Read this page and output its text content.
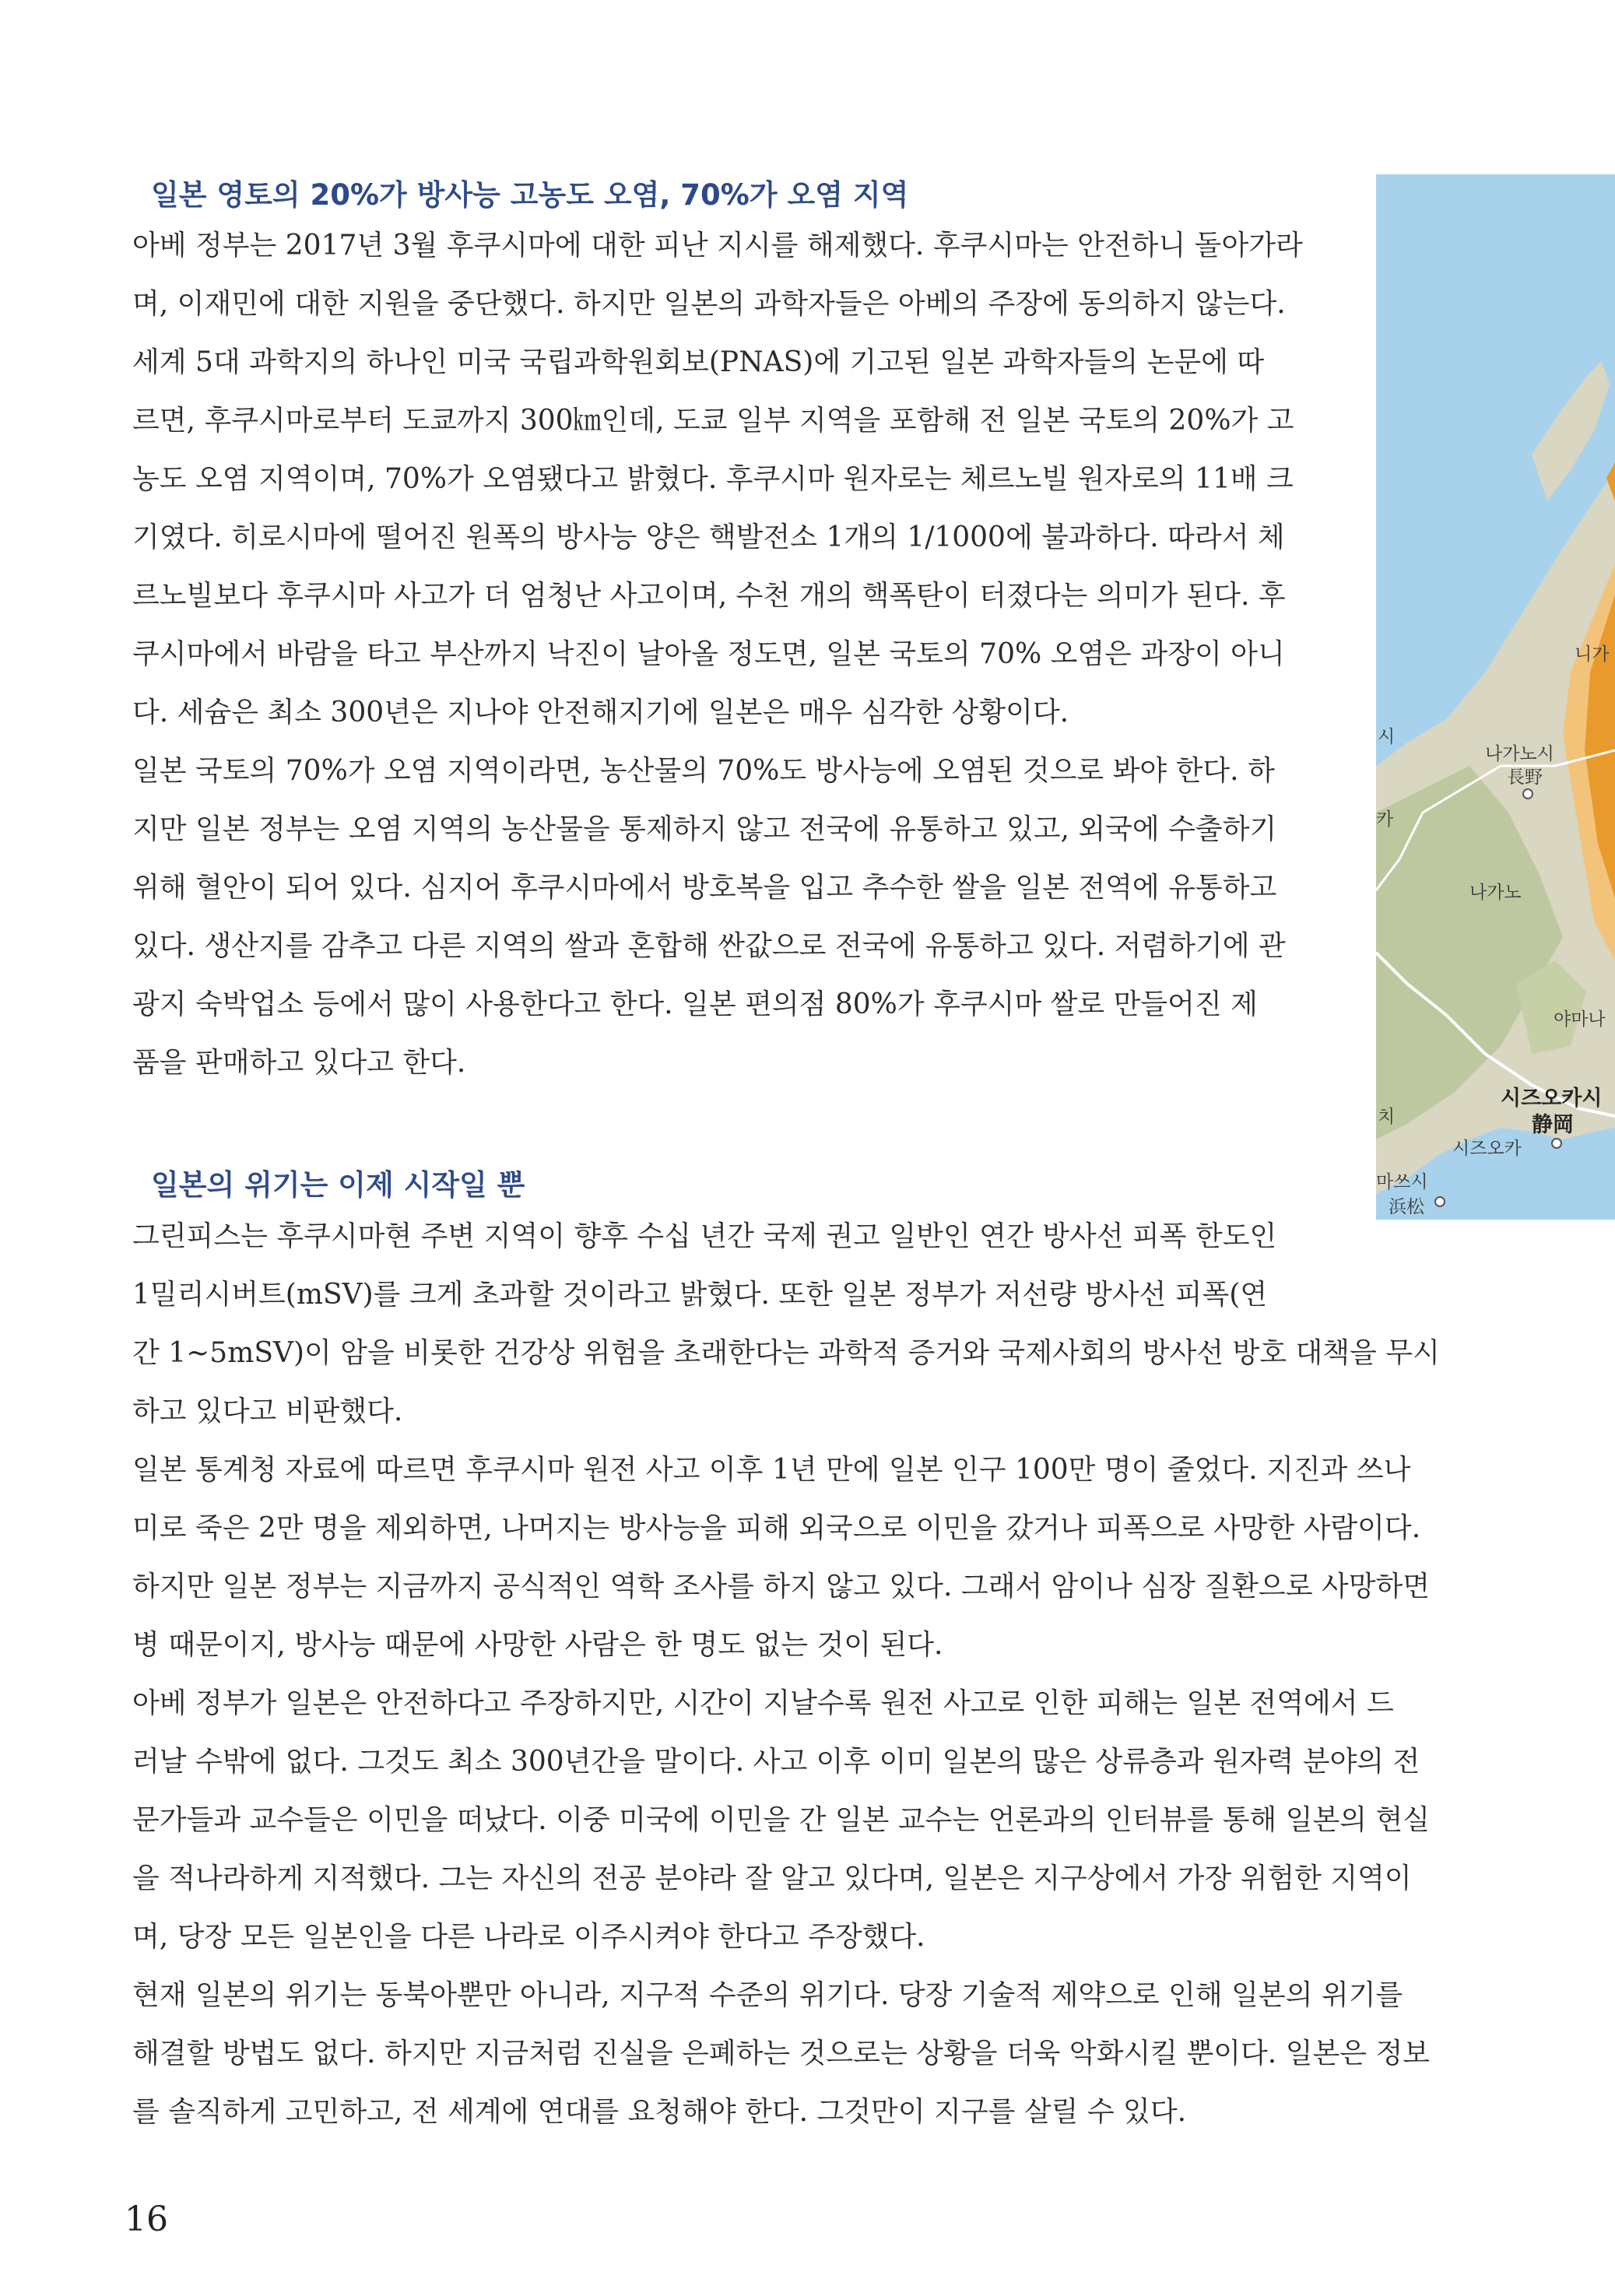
일본 영토의 20%가 방사능 고농도 오염, 70%가 오염 지역

아베 정부는 2017년 3월 후쿠시마에 대한 피난 지시를 해제했다. 후쿠시마는 안전하니 돌아가라

며, 이재민에 대한 지원을 중단했다. 하지만 일본의 과학자들은 아베의 주장에 동의하지 않는다.

세계 5대 과학지의 하나인 미국 국립과학원회보(PNAS)에 기고된 일본 과학자들의 논문에 따

르면, 후쿠시마로부터 도쿄까지 300㎞인데, 도쿄 일부 지역을 포함해 전 일본 국토의 20%가 고

농도 오염 지역이며, 70%가 오염됐다고 밝혔다. 후쿠시마 원자로는 체르노빌 원자로의 11배 크

기였다. 히로시마에 떨어진 원폭의 방사능 양은 핵발전소 1개의 1/1000에 불과하다. 따라서 체

르노빌보다 후쿠시마 사고가 더 엄청난 사고이며, 수천 개의 핵폭탄이 터졌다는 의미가 된다. 후

쿠시마에서 바람을 타고 부산까지 낙진이 날아올 정도면, 일본 국토의 70% 오염은 과장이 아니

다. 세슘은 최소 300년은 지나야 안전해지기에 일본은 매우 심각한 상황이다.

일본 국토의 70%가 오염 지역이라면, 농산물의 70%도 방사능에 오염된 것으로 봐야 한다. 하

지만 일본 정부는 오염 지역의 농산물을 통제하지 않고 전국에 유통하고 있고, 외국에 수출하기

위해 혈안이 되어 있다. 심지어 후쿠시마에서 방호복을 입고 추수한 쌀을 일본 전역에 유통하고

있다. 생산지를 감추고 다른 지역의 쌀과 혼합해 싼값으로 전국에 유통하고 있다. 저렴하기에 관

광지 숙박업소 등에서 많이 사용한다고 한다. 일본 편의점 80%가 후쿠시마 쌀로 만들어진 제

품을 판매하고 있다고 한다.

일본의 위기는 이제 시작일 뿐

그린피스는 후쿠시마현 주변 지역이 향후 수십 년간 국제 권고 일반인 연간 방사선 피폭 한도인

1밀리시버트(mSV)를 크게 초과할 것이라고 밝혔다. 또한 일본 정부가 저선량 방사선 피폭(연

간 1~5mSV)이 암을 비롯한 건강상 위험을 초래한다는 과학적 증거와 국제사회의 방사선 방호 대책을 무시

하고 있다고 비판했다.

일본 통계청 자료에 따르면 후쿠시마 원전 사고 이후 1년 만에 일본 인구 100만 명이 줄었다. 지진과 쓰나

미로 죽은 2만 명을 제외하면, 나머지는 방사능을 피해 외국으로 이민을 갔거나 피폭으로 사망한 사람이다.

하지만 일본 정부는 지금까지 공식적인 역학 조사를 하지 않고 있다. 그래서 암이나 심장 질환으로 사망하면

병 때문이지, 방사능 때문에 사망한 사람은 한 명도 없는 것이 된다.

아베 정부가 일본은 안전하다고 주장하지만, 시간이 지날수록 원전 사고로 인한 피해는 일본 전역에서 드

러날 수밖에 없다. 그것도 최소 300년간을 말이다. 사고 이후 이미 일본의 많은 상류층과 원자력 분야의 전

문가들과 교수들은 이민을 떠났다. 이중 미국에 이민을 간 일본 교수는 언론과의 인터뷰를 통해 일본의 현실

을 적나라하게 지적했다. 그는 자신의 전공 분야라 잘 알고 있다며, 일본은 지구상에서 가장 위험한 지역이

며, 당장 모든 일본인을 다른 나라로 이주시켜야 한다고 주장했다.

현재 일본의 위기는 동북아뿐만 아니라, 지구적 수준의 위기다. 당장 기술적 제약으로 인해 일본의 위기를

해결할 방법도 없다. 하지만 지금처럼 진실을 은폐하는 것으로는 상황을 더욱 악화시킬 뿐이다. 일본은 정보

를 솔직하게 고민하고, 전 세계에 연대를 요청해야 한다. 그것만이 지구를 살릴 수 있다.

니가
시
나가노시
長野
카
나가노
야마나
시즈오카시
静岡
치
시즈오카
마쓰시
浜松
16
